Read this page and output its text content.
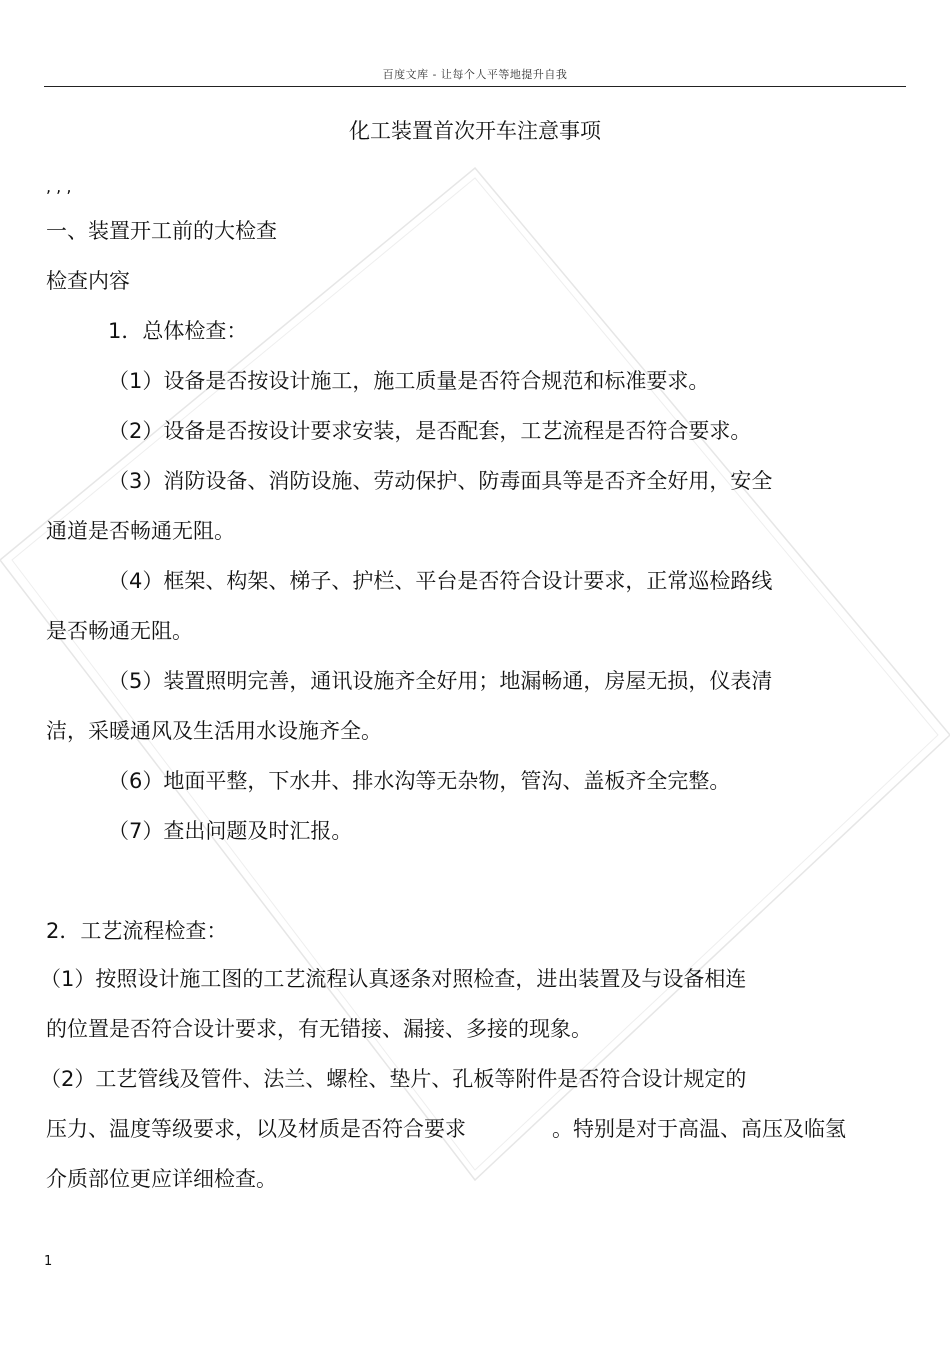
百度文库 - 让每个人平等地提升自我
化工装置首次开车注意事项
, , ,
一、装置开工前的大检查
检查内容
1．总体检查：
（1）设备是否按设计施工，施工质量是否符合规范和标准要求。
（2）设备是否按设计要求安装，是否配套，工艺流程是否符合要求。
（3）消防设备、消防设施、劳动保护、防毒面具等是否齐全好用，安全
通道是否畅通无阻。
（4）框架、构架、梯子、护栏、平台是否符合设计要求，正常巡检路线
是否畅通无阻。
（5）装置照明完善，通讯设施齐全好用；地漏畅通，房屋无损，仪表清
洁，采暖通风及生活用水设施齐全。
（6）地面平整，下水井、排水沟等无杂物，管沟、盖板齐全完整。
（7）查出问题及时汇报。
2．工艺流程检查：
（1）按照设计施工图的工艺流程认真逐条对照检查，进出装置及与设备相连
的位置是否符合设计要求，有无错接、漏接、多接的现象。
（2）工艺管线及管件、法兰、螺栓、垫片、孔板等附件是否符合设计规定的
压力、温度等级要求，以及材质是否符合要求	。特别是对于高温、高压及临氢
介质部位更应详细检查。
1
